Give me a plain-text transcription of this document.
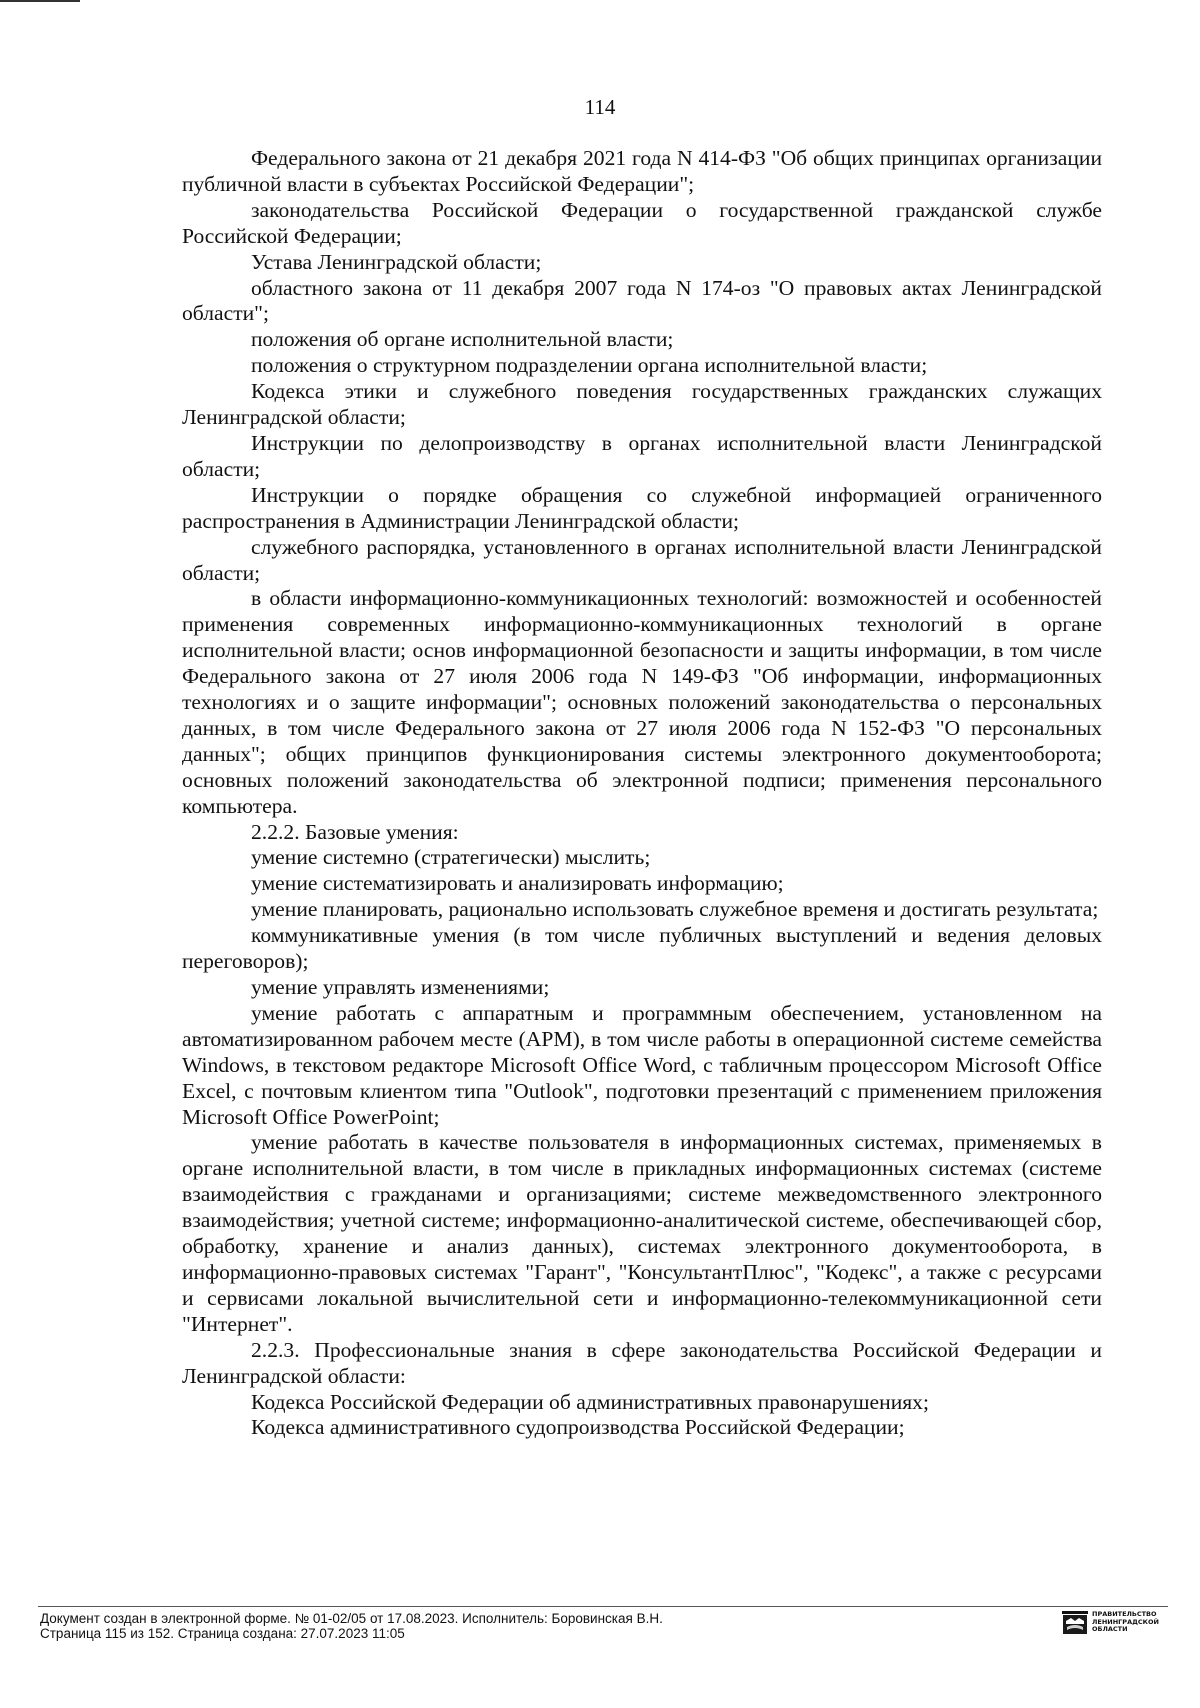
114

Федерального закона от 21 декабря 2021 года N 414-ФЗ "Об общих принципах организации публичной власти в субъектах Российской Федерации";

законодательства Российской Федерации о государственной гражданской службе Российской Федерации;

Устава Ленинградской области;

областного закона от 11 декабря 2007 года N 174-оз "О правовых актах Ленинградской области";

положения об органе исполнительной власти;

положения о структурном подразделении органа исполнительной власти;

Кодекса этики и служебного поведения государственных гражданских служащих Ленинградской области;

Инструкции по делопроизводству в органах исполнительной власти Ленинградской области;

Инструкции о порядке обращения со служебной информацией ограниченного распространения в Администрации Ленинградской области;

служебного распорядка, установленного в органах исполнительной власти Ленинградской области;

в области информационно-коммуникационных технологий: возможностей и особенностей применения современных информационно-коммуникационных технологий в органе исполнительной власти; основ информационной безопасности и защиты информации, в том числе Федерального закона от 27 июля 2006 года N 149-ФЗ "Об информации, информационных технологиях и о защите информации"; основных положений законодательства о персональных данных, в том числе Федерального закона от 27 июля 2006 года N 152-ФЗ "О персональных данных"; общих принципов функционирования системы электронного документооборота; основных положений законодательства об электронной подписи; применения персонального компьютера.

2.2.2. Базовые умения:

умение системно (стратегически) мыслить;

умение систематизировать и анализировать информацию;

умение планировать, рационально использовать служебное временя и достигать результата;

коммуникативные умения (в том числе публичных выступлений и ведения деловых переговоров);

умение управлять изменениями;

умение работать с аппаратным и программным обеспечением, установленном на автоматизированном рабочем месте (АРМ), в том числе работы в операционной системе семейства Windows, в текстовом редакторе Microsoft Office Word, с табличным процессором Microsoft Office Excel, с почтовым клиентом типа "Outlook", подготовки презентаций с применением приложения Microsoft Office PowerPoint;

умение работать в качестве пользователя в информационных системах, применяемых в органе исполнительной власти, в том числе в прикладных информационных системах (системе взаимодействия с гражданами и организациями; системе межведомственного электронного взаимодействия; учетной системе; информационно-аналитической системе, обеспечивающей сбор, обработку, хранение и анализ данных), системах электронного документооборота, в информационно-правовых системах "Гарант", "КонсультантПлюс", "Кодекс", а также с ресурсами и сервисами локальной вычислительной сети и информационно-телекоммуникационной сети "Интернет".

2.2.3. Профессиональные знания в сфере законодательства Российской Федерации и Ленинградской области:

Кодекса Российской Федерации об административных правонарушениях;

Кодекса административного судопроизводства Российской Федерации;

Документ создан в электронной форме. № 01-02/05 от 17.08.2023. Исполнитель: Боровинская В.Н.
Страница 115 из 152. Страница создана: 27.07.2023 11:05
ПРАВИТЕЛЬСТВО
ЛЕНИНГРАДСКОЙ
ОБЛАСТИ
